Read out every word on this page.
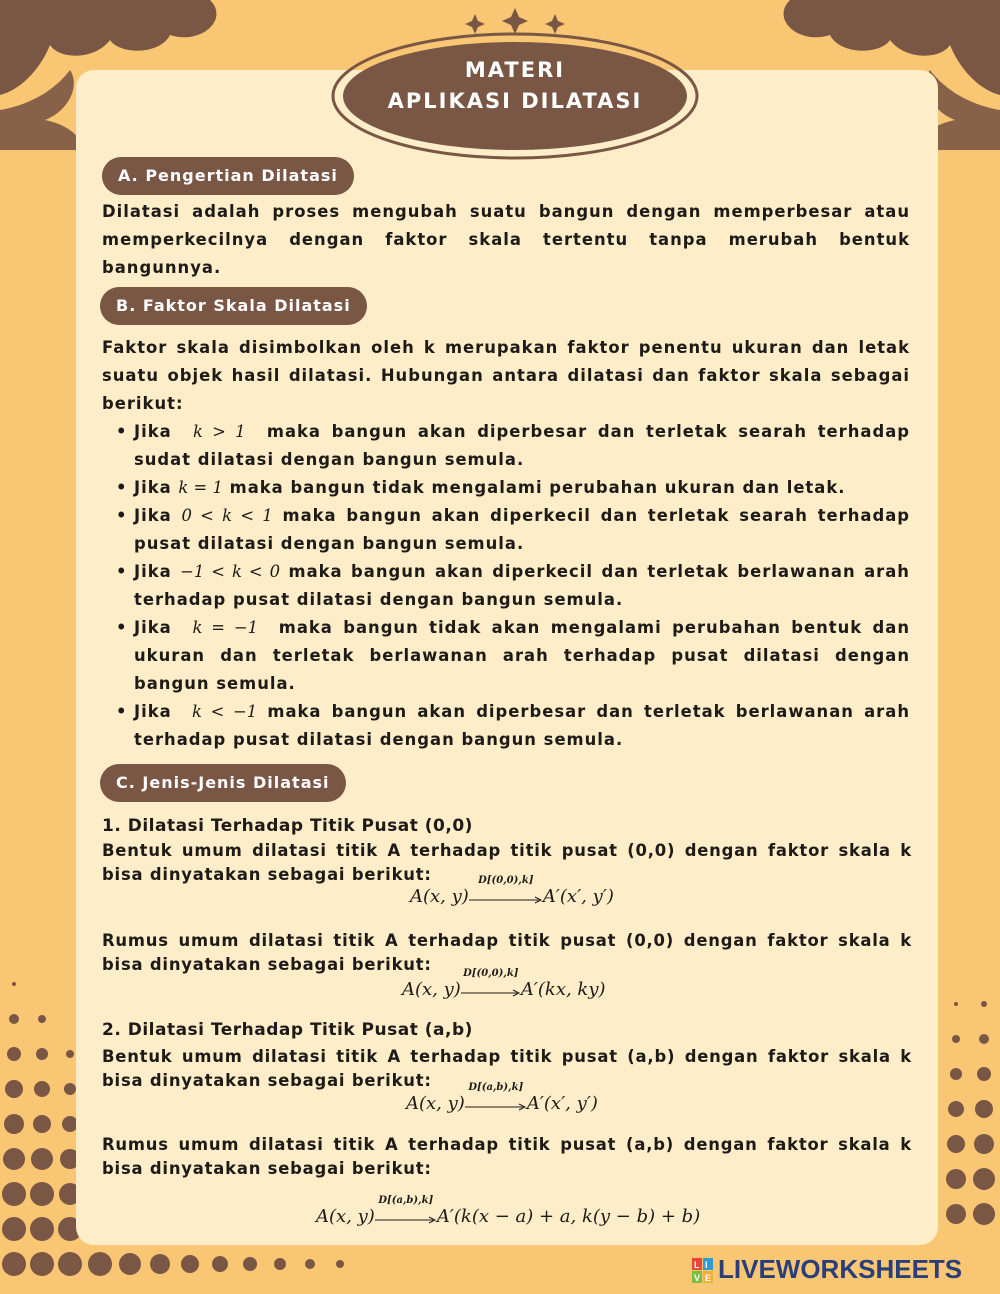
MATERI
APLIKASI DILATASI
A. Pengertian Dilatasi
Dilatasi adalah proses mengubah suatu bangun dengan memperbesar atau
memperkecilnya dengan faktor skala tertentu tanpa merubah bentuk
bangunnya.
B. Faktor Skala Dilatasi
Faktor skala disimbolkan oleh k merupakan faktor penentu ukuran dan letak
suatu objek hasil dilatasi. Hubungan antara dilatasi dan faktor skala sebagai
berikut:
• Jika k > 1 maka bangun akan diperbesar dan terletak searah terhadap
sudat dilatasi dengan bangun semula.
• Jika k = 1 maka bangun tidak mengalami perubahan ukuran dan letak.
• Jika 0 < k < 1 maka bangun akan diperkecil dan terletak searah terhadap
pusat dilatasi dengan bangun semula.
• Jika −1 < k < 0 maka bangun akan diperkecil dan terletak berlawanan arah
terhadap pusat dilatasi dengan bangun semula.
• Jika k = −1 maka bangun tidak akan mengalami perubahan bentuk dan
ukuran dan terletak berlawanan arah terhadap pusat dilatasi dengan
bangun semula.
• Jika k < −1 maka bangun akan diperbesar dan terletak berlawanan arah
terhadap pusat dilatasi dengan bangun semula.
C. Jenis-Jenis Dilatasi
1. Dilatasi Terhadap Titik Pusat (0,0)
Bentuk umum dilatasi titik A terhadap titik pusat (0,0) dengan faktor skala k
bisa dinyatakan sebagai berikut:
A(x, y)
D[(0,0),k]
A′(x′, y′)
Rumus umum dilatasi titik A terhadap titik pusat (0,0) dengan faktor skala k
bisa dinyatakan sebagai berikut:
A(x, y)
D[(0,0),k]
A′(kx, ky)
2. Dilatasi Terhadap Titik Pusat (a,b)
Bentuk umum dilatasi titik A terhadap titik pusat (a,b) dengan faktor skala k
bisa dinyatakan sebagai berikut:
A(x, y)
D[(a,b),k]
A′(x′, y′)
Rumus umum dilatasi titik A terhadap titik pusat (a,b) dengan faktor skala k
bisa dinyatakan sebagai berikut:
A(x, y)
D[(a,b),k]
A′(k(x − a) + a, k(y − b) + b)
L I
V E LIVEWORKSHEETS
